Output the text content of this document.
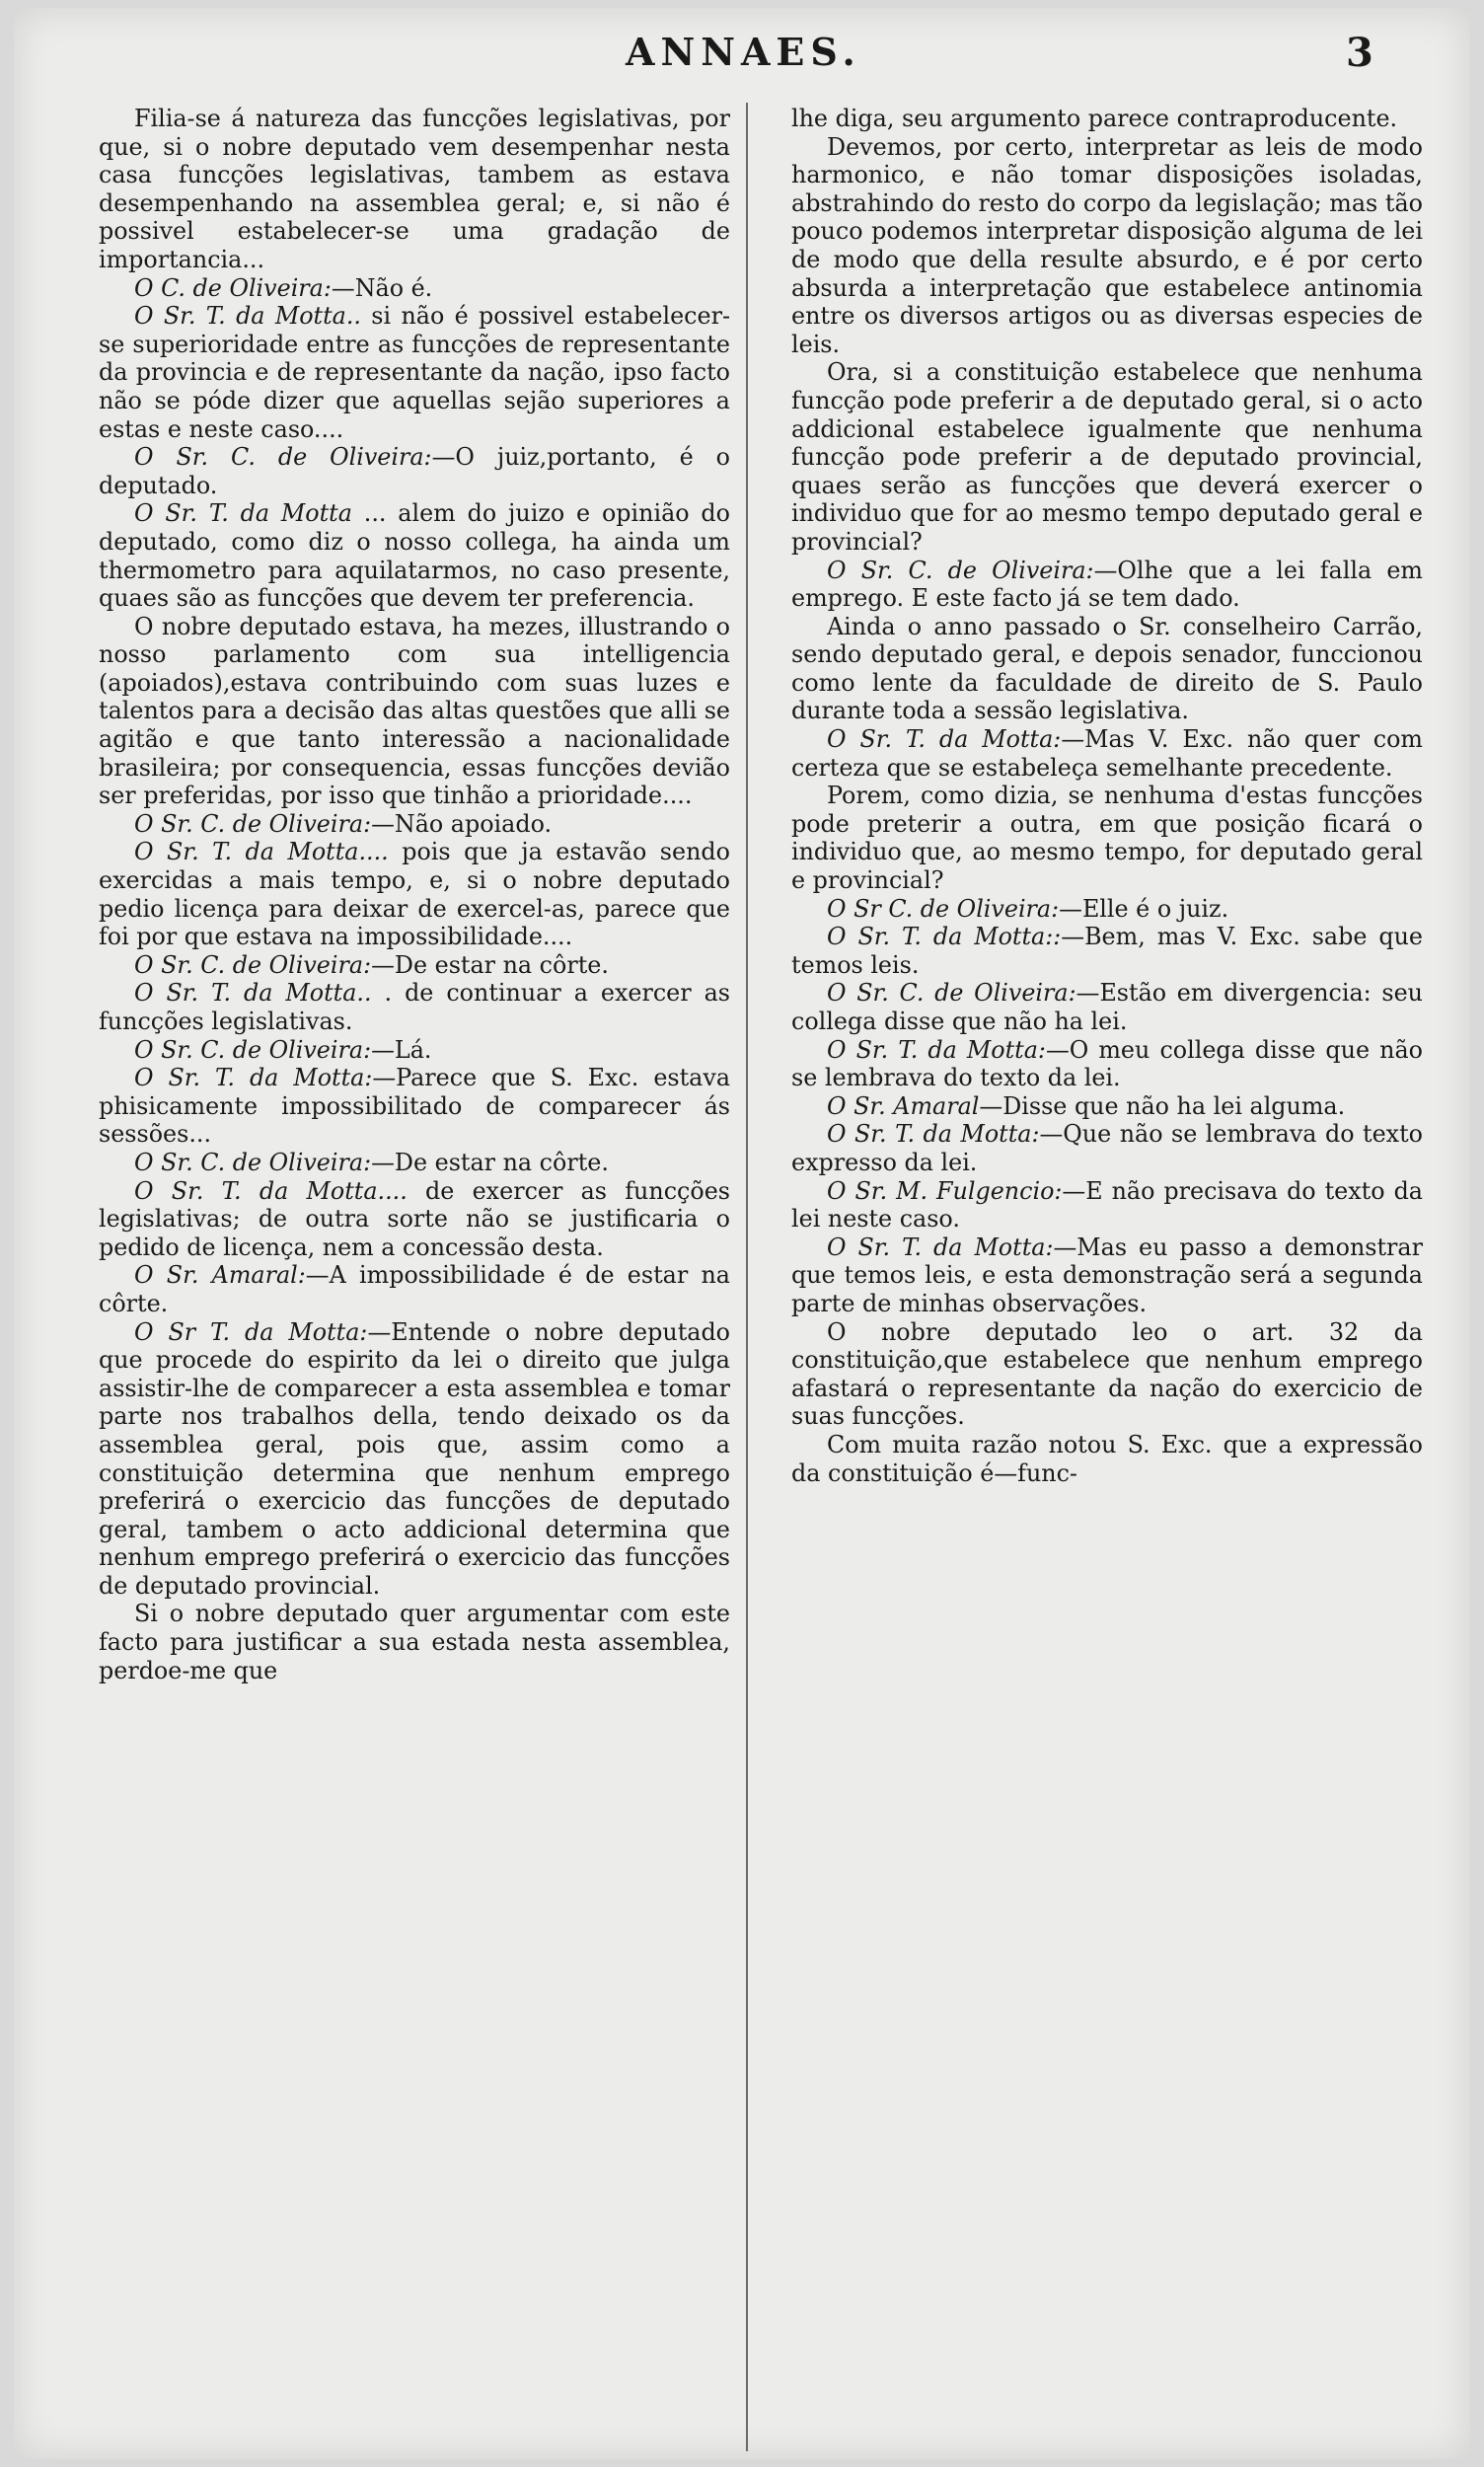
ANNAES.	3

Filia-se á natureza das funcções legislativas, por que, si o nobre deputado vem desempenhar nesta casa funcções legislativas, tambem as estava desempenhando na assemblea geral; e, si não é possivel estabelecer-se uma gradação de importancia...

O C. de Oliveira:—Não é.

O Sr. T. da Motta.. si não é possivel estabelecer-se superioridade entre as funcções de representante da provincia e de representante da nação, ipso facto não se póde dizer que aquellas sejão superiores a estas e neste caso....

O Sr. C. de Oliveira:—O juiz,portanto, é o deputado.

O Sr. T. da Motta ... alem do juizo e opinião do deputado, como diz o nosso collega, ha ainda um thermometro para aquilatarmos, no caso presente, quaes são as funcções que devem ter preferencia.

O nobre deputado estava, ha mezes, illustrando o nosso parlamento com sua intelligencia (apoiados),estava contribuindo com suas luzes e talentos para a decisão das altas questões que alli se agitão e que tanto interessão a nacionalidade brasileira; por consequencia, essas funcções devião ser preferidas, por isso que tinhão a prioridade....

O Sr. C. de Oliveira:—Não apoiado.

O Sr. T. da Motta.... pois que ja estavão sendo exercidas a mais tempo, e, si o nobre deputado pedio licença para deixar de exercel-as, parece que foi por que estava na impossibilidade....

O Sr. C. de Oliveira:—De estar na côrte.

O Sr. T. da Motta.. . de continuar a exercer as funcções legislativas.

O Sr. C. de Oliveira:—Lá.

O Sr. T. da Motta:—Parece que S. Exc. estava phisicamente impossibilitado de comparecer ás sessões...

O Sr. C. de Oliveira:—De estar na côrte.

O Sr. T. da Motta.... de exercer as funcções legislativas; de outra sorte não se justificaria o pedido de licença, nem a concessão desta.

O Sr. Amaral:—A impossibilidade é de estar na côrte.

O Sr T. da Motta:—Entende o nobre deputado que procede do espirito da lei o direito que julga assistir-lhe de comparecer a esta assemblea e tomar parte nos trabalhos della, tendo deixado os da assemblea geral, pois que, assim como a constituição determina que nenhum emprego preferirá o exercicio das funcções de deputado geral, tambem o acto addicional determina que nenhum emprego preferirá o exercicio das funcções de deputado provincial.

Si o nobre deputado quer argumentar com este facto para justificar a sua estada nesta assemblea, perdoe-me que

lhe diga, seu argumento parece contraproducente.

Devemos, por certo, interpretar as leis de modo harmonico, e não tomar disposições isoladas, abstrahindo do resto do corpo da legislação; mas tão pouco podemos interpretar disposição alguma de lei de modo que della resulte absurdo, e é por certo absurda a interpretação que estabelece antinomia entre os diversos artigos ou as diversas especies de leis.

Ora, si a constituição estabelece que nenhuma funcção pode preferir a de deputado geral, si o acto addicional estabelece igualmente que nenhuma funcção pode preferir a de deputado provincial, quaes serão as funcções que deverá exercer o individuo que for ao mesmo tempo deputado geral e provincial?

O Sr. C. de Oliveira:—Olhe que a lei falla em emprego. E este facto já se tem dado.

Ainda o anno passado o Sr. conselheiro Carrão, sendo deputado geral, e depois senador, funccionou como lente da faculdade de direito de S. Paulo durante toda a sessão legislativa.

O Sr. T. da Motta:—Mas V. Exc. não quer com certeza que se estabeleça semelhante precedente.

Porem, como dizia, se nenhuma d'estas funcções pode preterir a outra, em que posição ficará o individuo que, ao mesmo tempo, for deputado geral e provincial?

O Sr C. de Oliveira:—Elle é o juiz.

O Sr. T. da Motta::—Bem, mas V. Exc. sabe que temos leis.

O Sr. C. de Oliveira:—Estão em divergencia: seu collega disse que não ha lei.

O Sr. T. da Motta:—O meu collega disse que não se lembrava do texto da lei.

O Sr. Amaral—Disse que não ha lei alguma.

O Sr. T. da Motta:—Que não se lembrava do texto expresso da lei.

O Sr. M. Fulgencio:—E não precisava do texto da lei neste caso.

O Sr. T. da Motta:—Mas eu passo a demonstrar que temos leis, e esta demonstração será a segunda parte de minhas observações.

O nobre deputado leo o art. 32 da constituição,que estabelece que nenhum emprego afastará o representante da nação do exercicio de suas funcções.

Com muita razão notou S. Exc. que a expressão da constituição é—func-
